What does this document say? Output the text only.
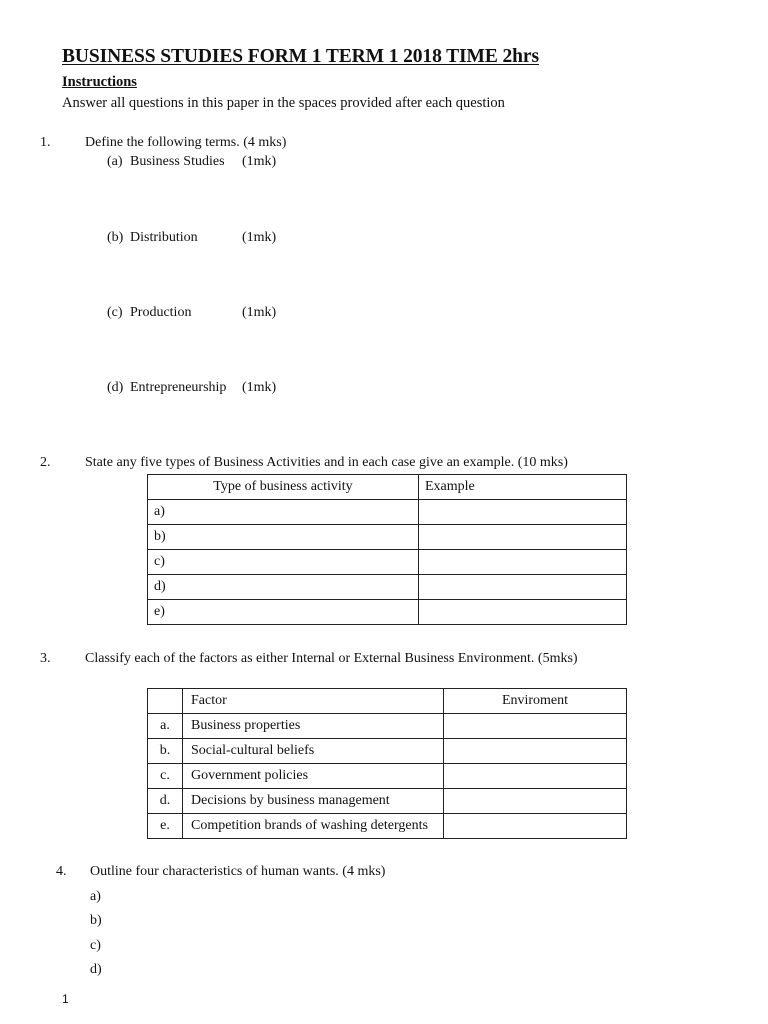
BUSINESS STUDIES FORM 1 TERM 1 2018 TIME 2hrs
Instructions
Answer all questions in this paper in the spaces provided after each question
1. Define the following terms. (4 mks)
(a) Business Studies (1mk)
(b) Distribution	(1mk)
(c) Production	(1mk)
(d) Entrepreneurship (1mk)
2. State any five types of Business Activities and in each case give an example. (10 mks)
Type of business activity	Example
a)	
b)	
c)	
d)	
e)	
3. Classify each of the factors as either Internal or External Business Environment. (5mks)
	Factor	Enviroment
a.	Business properties	
b.	Social-cultural beliefs	
c.	Government policies	
d.	Decisions by business management	
e.	Competition brands of washing detergents	
4. Outline four characteristics of human wants. (4 mks)
a)
b)
c)
d)
1
